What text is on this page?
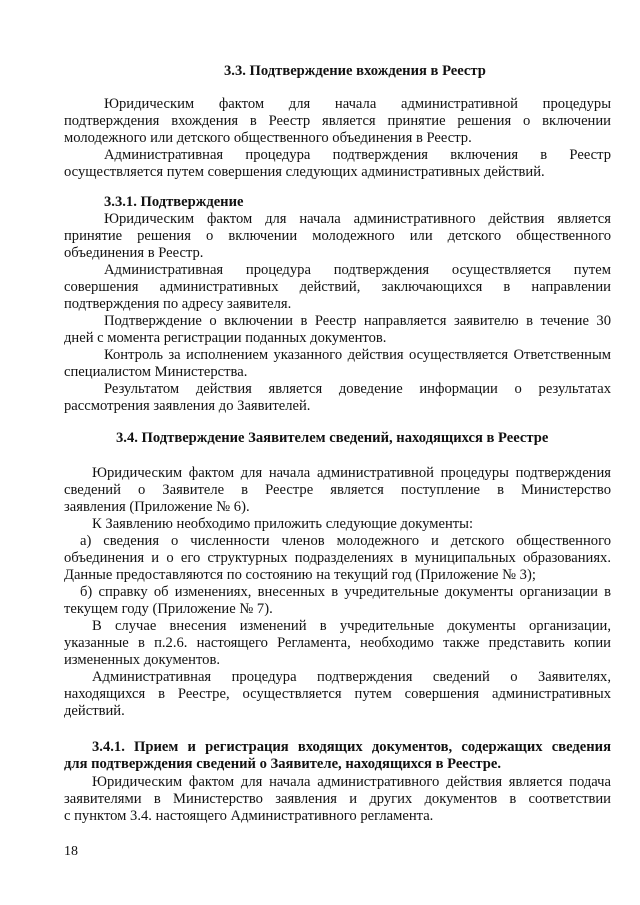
3.3. Подтверждение вхождения в Реестр
Юридическим фактом для начала административной процедуры
подтверждения вхождения в Реестр является принятие решения о включении
молодежного или детского общественного объединения в Реестр.
Административная процедура подтверждения включения в Реестр
осуществляется путем совершения следующих административных действий.
3.3.1. Подтверждение
Юридическим фактом для начала административного действия является
принятие решения о включении молодежного или детского общественного
объединения в Реестр.
Административная процедура подтверждения осуществляется путем
совершения административных действий, заключающихся в направлении
подтверждения по адресу заявителя.
Подтверждение о включении в Реестр направляется заявителю в течение 30
дней с момента регистрации поданных документов.
Контроль за исполнением указанного действия осуществляется Ответственным
специалистом Министерства.
Результатом действия является доведение информации о результатах
рассмотрения заявления до Заявителей.
3.4. Подтверждение Заявителем сведений, находящихся в Реестре
Юридическим фактом для начала административной процедуры подтверждения
сведений о Заявителе в Реестре является поступление в Министерство
заявления (Приложение № 6).
К Заявлению необходимо приложить следующие документы:
а) сведения о численности членов молодежного и детского общественного
объединения и о его структурных подразделениях в муниципальных образованиях.
Данные предоставляются по состоянию на текущий год (Приложение № 3);
б) справку об изменениях, внесенных в учредительные документы организации в
текущем году (Приложение № 7).
В случае внесения изменений в учредительные документы организации,
указанные в п.2.6. настоящего Регламента, необходимо также представить копии
измененных документов.
Административная процедура подтверждения сведений о Заявителях,
находящихся в Реестре, осуществляется путем совершения административных
действий.
3.4.1. Прием и регистрация входящих документов, содержащих сведения
для подтверждения сведений о Заявителе, находящихся в Реестре.
Юридическим фактом для начала административного действия является подача
заявителями в Министерство заявления и других документов в соответствии
с пунктом 3.4. настоящего Административного регламента.
18
